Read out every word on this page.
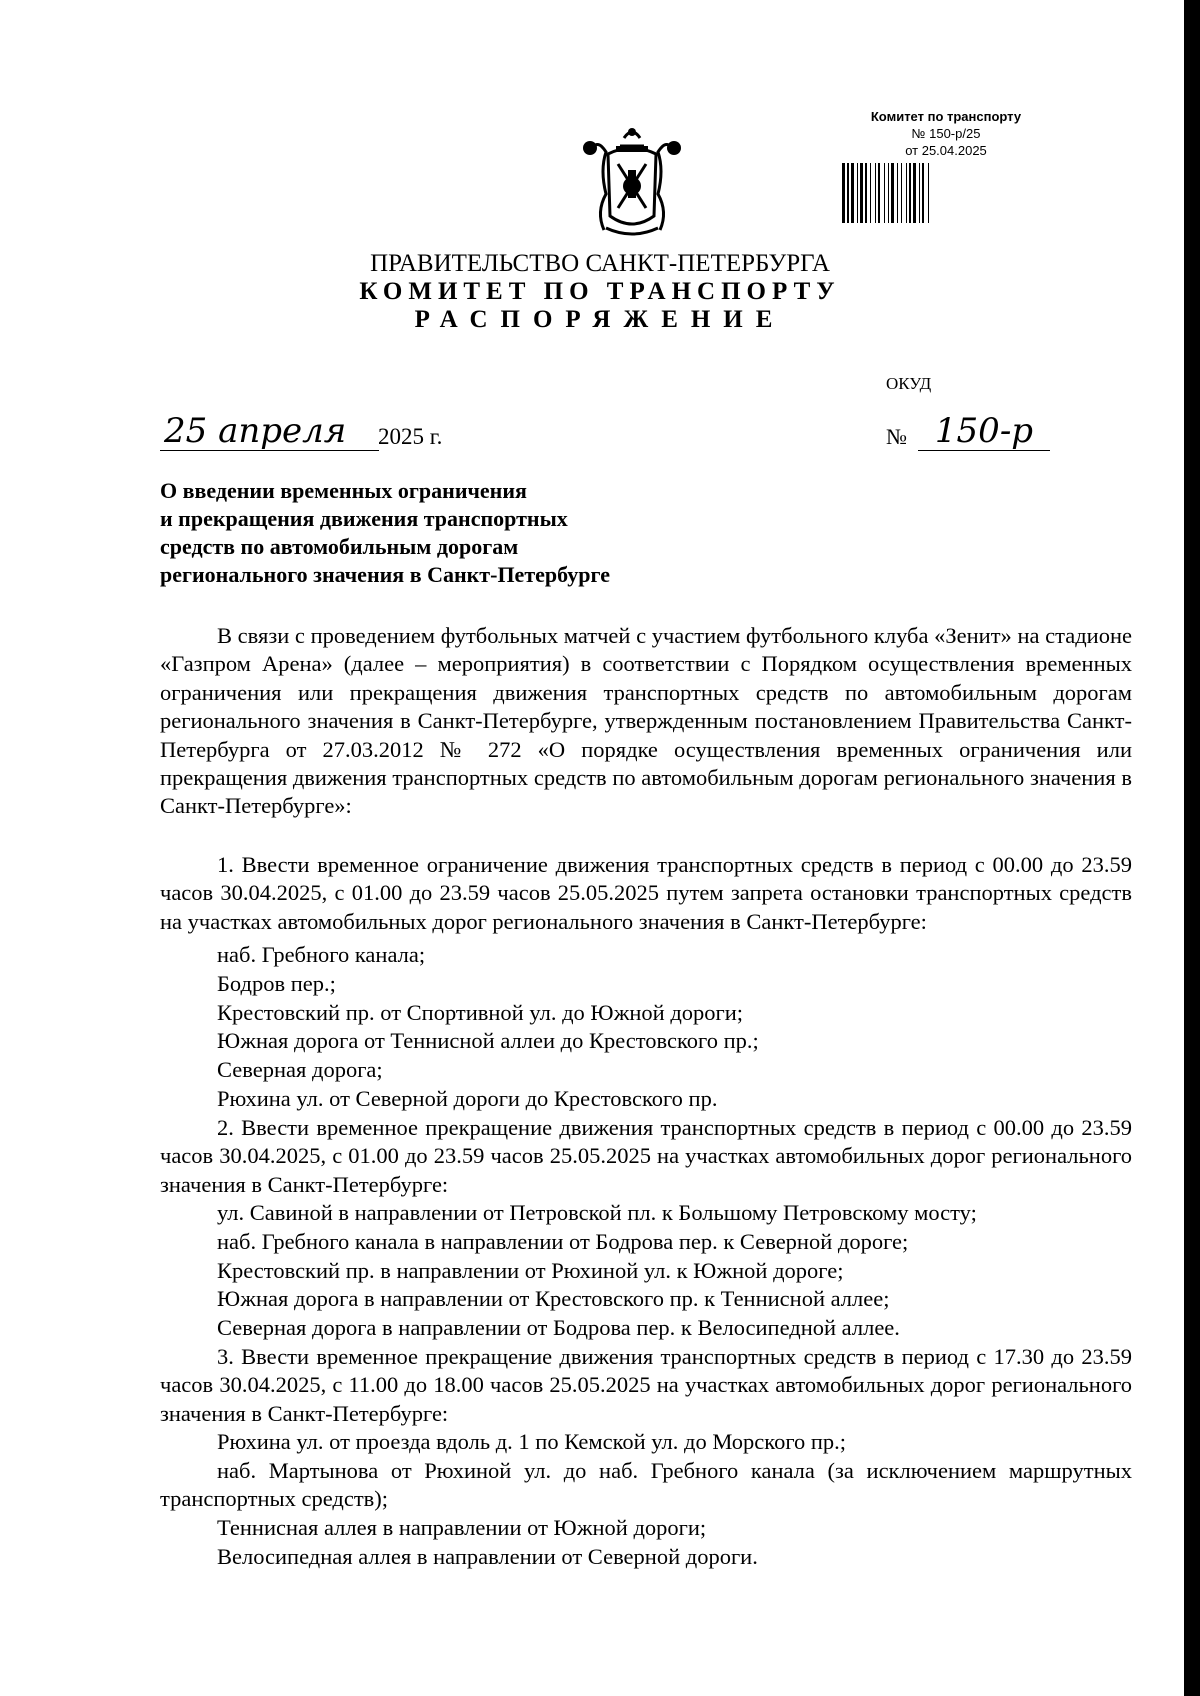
Комитет по транспорту
№ 150-р/25
от 25.04.2025
ПРАВИТЕЛЬСТВО САНКТ-ПЕТЕРБУРГА
КОМИТЕТ ПО ТРАНСПОРТУ
РАСПОРЯЖЕНИЕ
ОКУД
25 апреля	2025 г.	№ 150-р
О введении временных ограничения
и прекращения движения транспортных
средств по автомобильным дорогам
регионального значения в Санкт-Петербурге

В связи с проведением футбольных матчей с участием футбольного клуба «Зенит» на стадионе «Газпром Арена» (далее – мероприятия) в соответствии с Порядком осуществления временных ограничения или прекращения движения транспортных средств по автомобильным дорогам регионального значения в Санкт-Петербурге, утвержденным постановлением Правительства Санкт-Петербурга от 27.03.2012 № 272 «О порядке осуществления временных ограничения или прекращения движения транспортных средств по автомобильным дорогам регионального значения в Санкт-Петербурге»:

1. Ввести временное ограничение движения транспортных средств в период с 00.00 до 23.59 часов 30.04.2025, с 01.00 до 23.59 часов 25.05.2025 путем запрета остановки транспортных средств на участках автомобильных дорог регионального значения в Санкт-Петербурге:

наб. Гребного канала;
Бодров пер.;
Крестовский пр. от Спортивной ул. до Южной дороги;
Южная дорога от Теннисной аллеи до Крестовского пр.;
Северная дорога;
Рюхина ул. от Северной дороги до Крестовского пр.

2. Ввести временное прекращение движения транспортных средств в период с 00.00 до 23.59 часов 30.04.2025, с 01.00 до 23.59 часов 25.05.2025 на участках автомобильных дорог регионального значения в Санкт-Петербурге:

ул. Савиной в направлении от Петровской пл. к Большому Петровскому мосту;
наб. Гребного канала в направлении от Бодрова пер. к Северной дороге;
Крестовский пр. в направлении от Рюхиной ул. к Южной дороге;
Южная дорога в направлении от Крестовского пр. к Теннисной аллее;
Северная дорога в направлении от Бодрова пер. к Велосипедной аллее.

3. Ввести временное прекращение движения транспортных средств в период с 17.30 до 23.59 часов 30.04.2025, с 11.00 до 18.00 часов 25.05.2025 на участках автомобильных дорог регионального значения в Санкт-Петербурге:

Рюхина ул. от проезда вдоль д. 1 по Кемской ул. до Морского пр.;

наб. Мартынова от Рюхиной ул. до наб. Гребного канала (за исключением маршрутных транспортных средств);

Теннисная аллея в направлении от Южной дороги;
Велосипедная аллея в направлении от Северной дороги.
